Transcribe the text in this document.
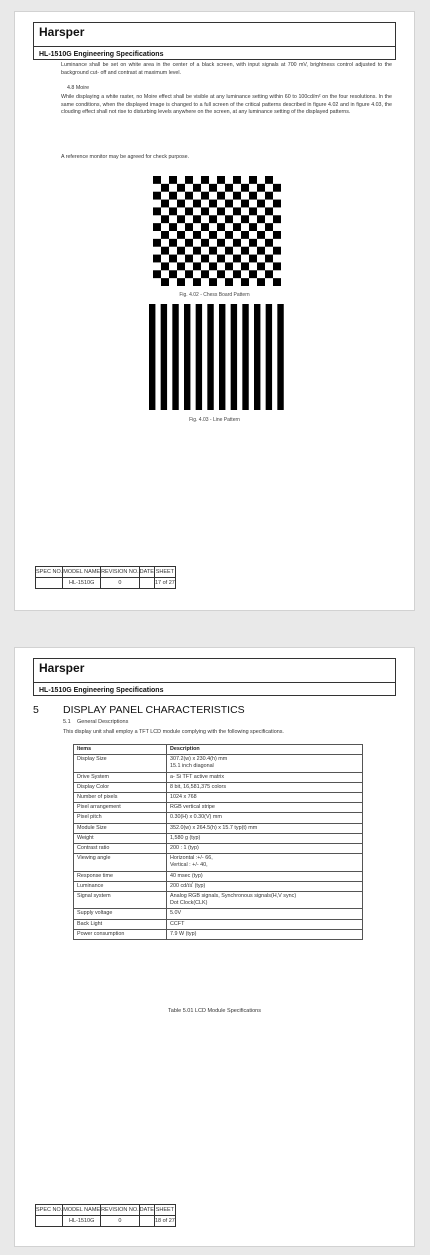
Harsper
HL-1510G Engineering Specifications
Luminance shall be set on white area in the center of a black screen, with input signals at 700 mV, brightness control adjusted to the background cut- off and contrast at maximum level.
4.8 Moire
While displaying a white raster, no Moire effect shall be visible at any luminance setting within 60 to 100cd/m² on the four resolutions. In the same conditions, when the displayed image is changed to a full screen of the critical patterns described in figure 4.02 and in figure 4.03, the clouding effect shall not rise to disturbing levels anywhere on the screen, at any luminance setting of the displayed patterns.
A reference monitor may be agreed for check purpose.
Fig. 4.02 - Chess Board Pattern
Fig. 4.03 - Line Pattern
SPEC NO.	MODEL NAME	REVISION NO.	DATE	SHEET
	HL-1510G	0		17 of 27
Harsper
HL-1510G Engineering Specifications
5 DISPLAY PANEL CHARACTERISTICS
5.1 General Descriptions
This display unit shall employ a TFT LCD module complying with the following specifications.
Items	Description
Display Size	307.2(w) x 230.4(h) mm
15.1 inch diagonal

Drive System	a- Si TFT active matrix

Display Color	8 bit, 16,581,375 colors

Number of pixels	1024 x 768

Pixel arrangement	RGB vertical stripe

Pixel pitch	0.30(H) x 0.30(V) mm

Module Size	352.0(w) x 264.5(h) x 15.7 typ(t) mm

Weight	1,580 g (typ)

Contrast ratio	200 : 1 (typ)

Viewing angle	Horizontal :+/- 66,
Vertical : +/- 40,

Response time	40 msec (typ)

Luminance	200 cd/㎡ (typ)

Signal system	Analog RGB signals, Synchronous signals(H,V sync)
Dot Clock(CLK)

Supply voltage	5.0V

Back Light	CCFT

Power consumption	7.9 W (typ)
Table 5.01 LCD Module Specifications
SPEC NO.	MODEL NAME	REVISION NO.	DATE	SHEET
	HL-1510G	0		18 of 27
